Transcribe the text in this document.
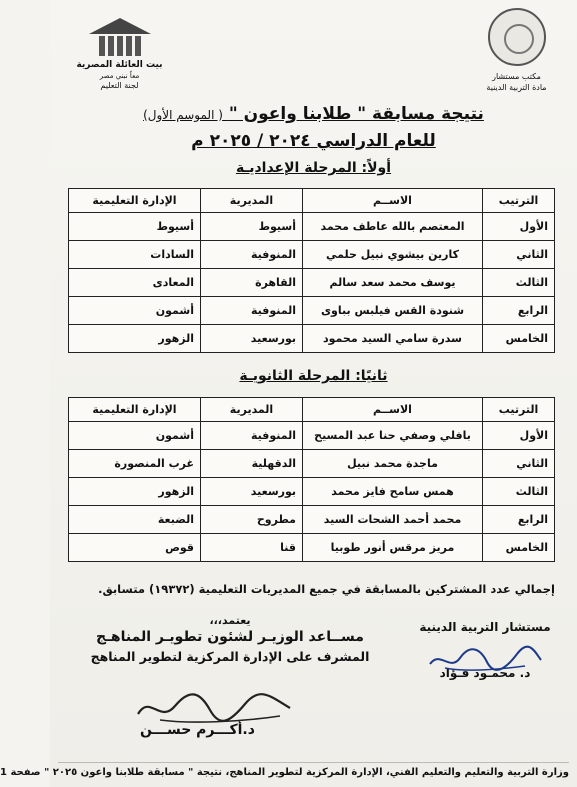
مكتب مستشار
مادة التربية الدينية
بيت العائلة المصرية
معاً نبني مصر
لجنة التعليم
نتيجة مسابقة " طلابنا واعون " ( الموسم الأول)
للعام الدراسي ٢٠٢٤ / ٢٠٢٥ م
أولاً: المرحلة الإعداديـة
الترتيب	الاســم	المديرية	الإدارة التعليمية
الأول	المعتصم بالله عاطف محمد	أسيوط	أسيوط
الثاني	كارين بيشوي نبيل حلمي	المنوفية	السادات
الثالث	يوسف محمد سعد سالم	القاهرة	المعادى
الرابع	شنودة القس فيلبس بباوى	المنوفية	أشمون
الخامس	سدرة سامي السيد محمود	بورسعيد	الزهور
ثانيًا: المرحلة الثانويـة
الترتيب	الاســم	المديرية	الإدارة التعليمية
الأول	بافلي وصفي حنا عبد المسيح	المنوفية	أشمون
الثاني	ماجدة محمد نبيل	الدقهلية	غرب المنصورة
الثالث	همس سامح فايز محمد	بورسعيد	الزهور
الرابع	محمد أحمد الشحات السيد	مطروح	الضبعة
الخامس	مريز مرقس أنور طوبيا	قنا	قوص
إجمالي عدد المشتركين بالمسابقة في جميع المديريات التعليمية (١٩٣٧٢) متسابق.
مستشار التربية الدينية
د. محمـود فـؤاد
يعتمد،،،
مســاعد الوزيـر لشئون تطويـر المناهـج
المشرف على الإدارة المركزية لتطوير المناهج
د.أكـــرم حســـن
وزارة التربية والتعليم والتعليم الفني، الإدارة المركزية لتطوير المناهج، نتيجة " مسابقة طلابنا واعون ٢٠٢٥ " صفحة 1
